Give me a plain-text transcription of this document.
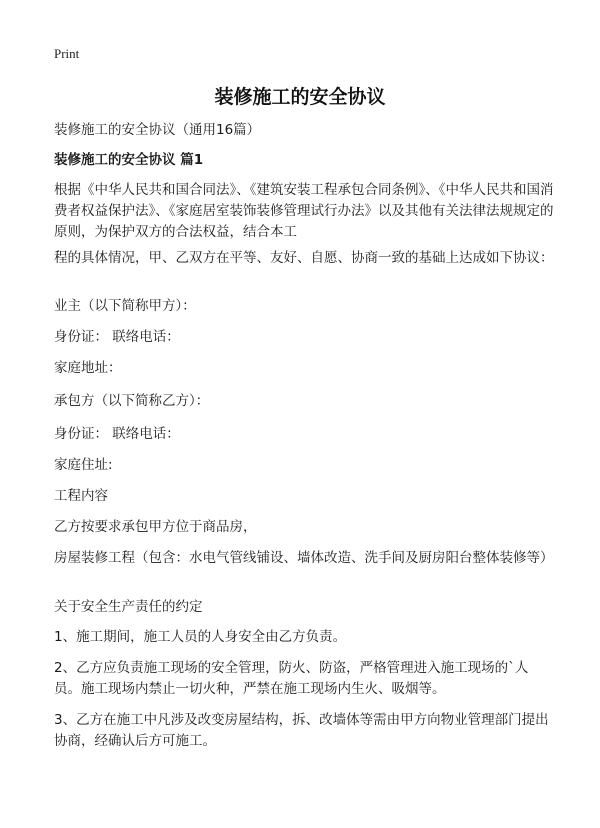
Print
装修施工的安全协议

装修施工的安全协议（通用16篇）

装修施工的安全协议 篇1

根据《中华人民共和国合同法》、《建筑安装工程承包合同条例》、《中华人民共和国消费者权益保护法》、《家庭居室装饰装修管理试行办法》以及其他有关法律法规规定的原则，为保护双方的合法权益，结合本工

程的具体情况，甲、乙双方在平等、友好、自愿、协商一致的基础上达成如下协议：

业主（以下简称甲方）：

身份证： 联络电话：

家庭地址：

承包方（以下简称乙方）：

身份证： 联络电话：

家庭住址:

工程内容

乙方按要求承包甲方位于商品房，

房屋装修工程（包含：水电气管线铺设、墙体改造、洗手间及厨房阳台整体装修等）

关于安全生产责任的约定

1、施工期间，施工人员的人身安全由乙方负责。

2、乙方应负责施工现场的安全管理，防火、防盗，严格管理进入施工现场的`人员。施工现场内禁止一切火种，严禁在施工现场内生火、吸烟等。

3、乙方在施工中凡涉及改变房屋结构，拆、改墙体等需由甲方向物业管理部门提出协商，经确认后方可施工。
